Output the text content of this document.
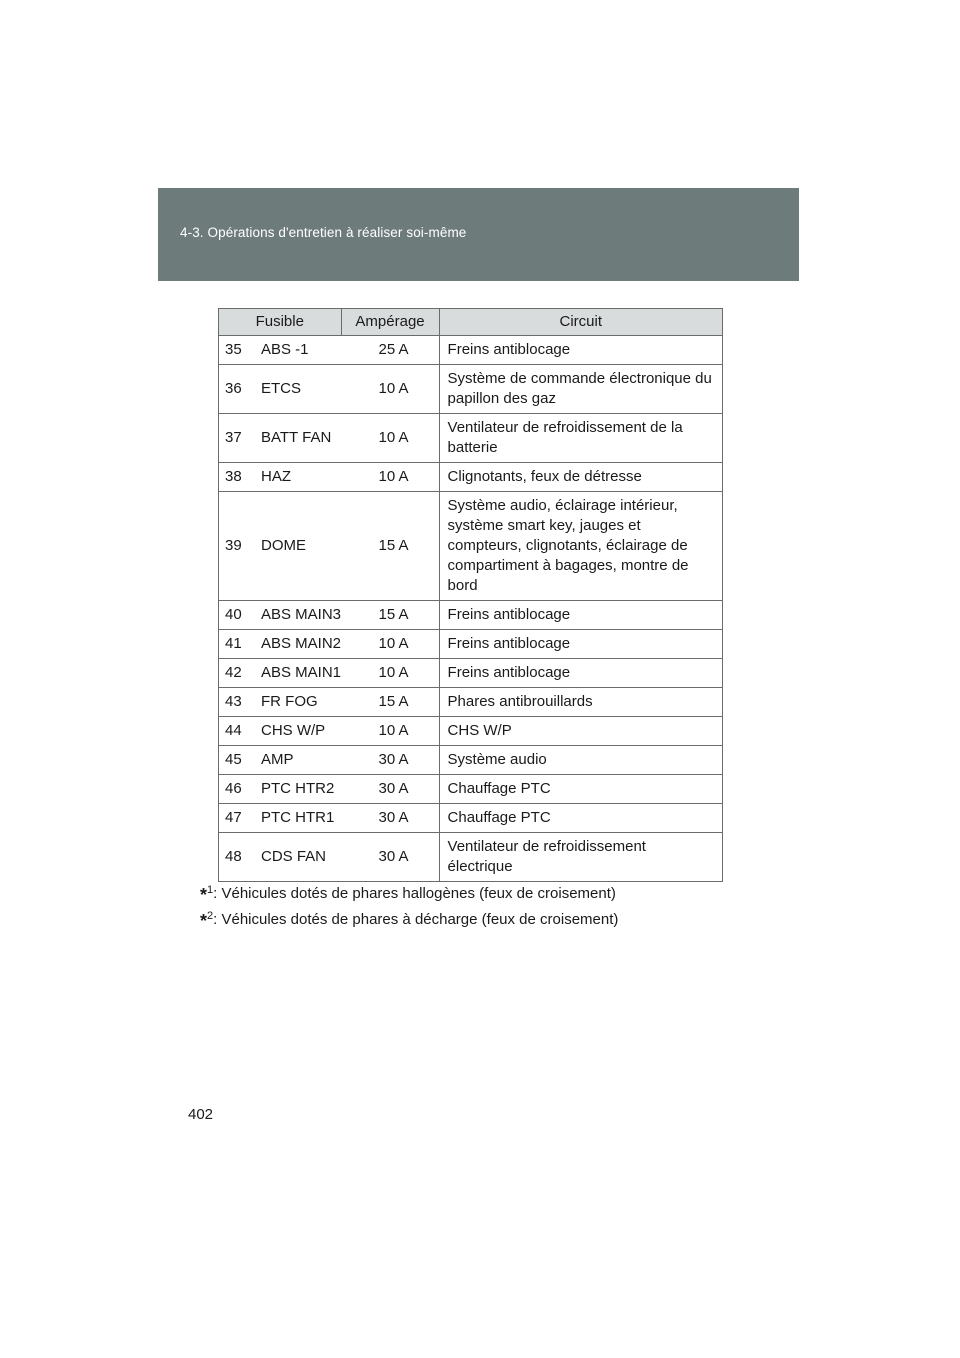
4-3. Opérations d'entretien à réaliser soi-même
Fusible	Ampérage	Circuit
35 ABS -1	25 A	Freins antiblocage
36 ETCS	10 A	Système de commande électronique du papillon des gaz
37 BATT FAN	10 A	Ventilateur de refroidissement de la batterie
38 HAZ	10 A	Clignotants, feux de détresse
39 DOME	15 A	Système audio, éclairage intérieur, système smart key, jauges et compteurs, clignotants, éclairage de compartiment à bagages, montre de bord
40 ABS MAIN3	15 A	Freins antiblocage
41 ABS MAIN2	10 A	Freins antiblocage
42 ABS MAIN1	10 A	Freins antiblocage
43 FR FOG	15 A	Phares antibrouillards
44 CHS W/P	10 A	CHS W/P
45 AMP	30 A	Système audio
46 PTC HTR2	30 A	Chauffage PTC
47 PTC HTR1	30 A	Chauffage PTC
48 CDS FAN	30 A	Ventilateur de refroidissement électrique
*$^1$: Véhicules dotés de phares hallogènes (feux de croisement)
*$^2$: Véhicules dotés de phares à décharge (feux de croisement)
402
